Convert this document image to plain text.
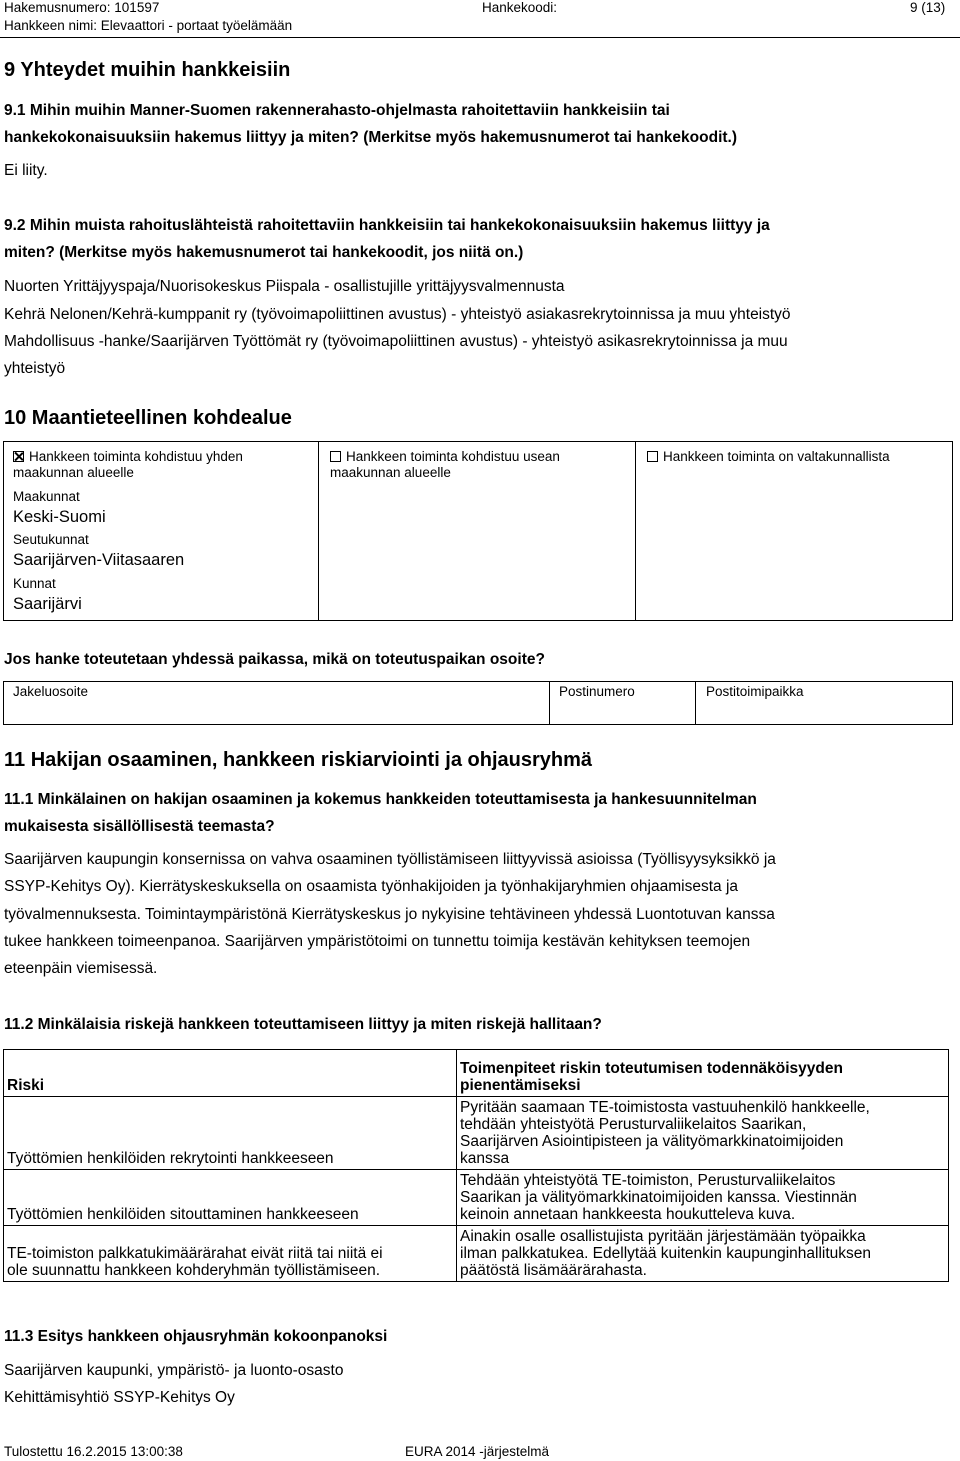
Hakemusnumero: 101597	Hankekoodi:	9 (13)
Hankkeen nimi: Elevaattori - portaat työelämään
9 Yhteydet muihin hankkeisiin
9.1 Mihin muihin Manner-Suomen rakennerahasto-ohjelmasta rahoitettaviin hankkeisiin tai
hankekokonaisuuksiin hakemus liittyy ja miten? (Merkitse myös hakemusnumerot tai hankekoodit.)
Ei liity.
9.2 Mihin muista rahoituslähteistä rahoitettaviin hankkeisiin tai hankekokonaisuuksiin hakemus liittyy ja
miten? (Merkitse myös hakemusnumerot tai hankekoodit, jos niitä on.)
Nuorten Yrittäjyyspaja/Nuorisokeskus Piispala - osallistujille yrittäjyysvalmennusta
Kehrä Nelonen/Kehrä-kumppanit ry (työvoimapoliittinen avustus) - yhteistyö asiakasrekrytoinnissa ja muu yhteistyö
Mahdollisuus -hanke/Saarijärven Työttömät ry (työvoimapoliittinen avustus) - yhteistyö asikasrekrytoinnissa ja muu
yhteistyö
10 Maantieteellinen kohdealue
Hankkeen toiminta kohdistuu yhden
maakunnan alueelle
Hankkeen toiminta kohdistuu usean
maakunnan alueelle
Hankkeen toiminta on valtakunnallista
Maakunnat
Keski-Suomi
Seutukunnat
Saarijärven-Viitasaaren
Kunnat
Saarijärvi
Jos hanke toteutetaan yhdessä paikassa, mikä on toteutuspaikan osoite?
Jakeluosoite	Postinumero	Postitoimipaikka
11 Hakijan osaaminen, hankkeen riskiarviointi ja ohjausryhmä
11.1 Minkälainen on hakijan osaaminen ja kokemus hankkeiden toteuttamisesta ja hankesuunnitelman
mukaisesta sisällöllisestä teemasta?
Saarijärven kaupungin konsernissa on vahva osaaminen työllistämiseen liittyyvissä asioissa (Työllisyysyksikkö ja
SSYP-Kehitys Oy). Kierrätyskeskuksella on osaamista työnhakijoiden ja työnhakijaryhmien ohjaamisesta ja
työvalmennuksesta. Toimintaympäristönä Kierrätyskeskus jo nykyisine tehtävineen yhdessä Luontotuvan kanssa
tukee hankkeen toimeenpanoa. Saarijärven ympäristötoimi on tunnettu toimija kestävän kehityksen teemojen
eteenpäin viemisessä.
11.2 Minkälaisia riskejä hankkeen toteuttamiseen liittyy ja miten riskejä hallitaan?
Riski	Toimenpiteet riskin toteutumisen todennäköisyyden
pienentämiseksi
Työttömien henkilöiden rekrytointi hankkeeseen	Pyritään saamaan TE-toimistosta vastuuhenkilö hankkeelle,
tehdään yhteistyötä Perusturvaliikelaitos Saarikan,
Saarijärven Asiointipisteen ja välityömarkkinatoimijoiden
kanssa
Työttömien henkilöiden sitouttaminen hankkeeseen	Tehdään yhteistyötä TE-toimiston, Perusturvaliikelaitos
Saarikan ja välityömarkkinatoimijoiden kanssa. Viestinnän
keinoin annetaan hankkeesta houkutteleva kuva.
TE-toimiston palkkatukimäärärahat eivät riitä tai niitä ei
ole suunnattu hankkeen kohderyhmän työllistämiseen.	Ainakin osalle osallistujista pyritään järjestämään työpaikka
ilman palkkatukea. Edellytää kuitenkin kaupunginhallituksen
päätöstä lisämäärärahasta.
11.3 Esitys hankkeen ohjausryhmän kokoonpanoksi
Saarijärven kaupunki, ympäristö- ja luonto-osasto
Kehittämisyhtiö SSYP-Kehitys Oy
Tulostettu 16.2.2015 13:00:38	EURA 2014 -järjestelmä
